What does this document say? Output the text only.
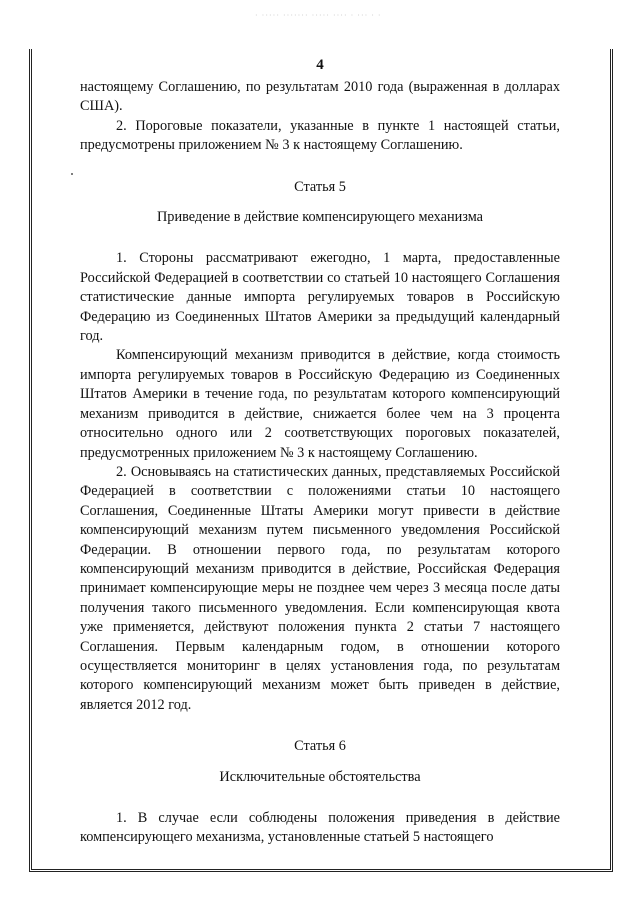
· ····· ······· ····· ···· · ··· · ·
4

настоящему Соглашению, по результатам 2010 года (выраженная в долларах США).

2. Пороговые показатели, указанные в пункте 1 настоящей статьи, предусмотрены приложением № 3 к настоящему Соглашению.

Статья 5

Приведение в действие компенсирующего механизма

1. Стороны рассматривают ежегодно, 1 марта, предоставленные Российской Федерацией в соответствии со статьей 10 настоящего Соглашения статистические данные импорта регулируемых товаров в Российскую Федерацию из Соединенных Штатов Америки за предыдущий календарный год.

Компенсирующий механизм приводится в действие, когда стоимость импорта регулируемых товаров в Российскую Федерацию из Соединенных Штатов Америки в течение года, по результатам которого компенсирующий механизм приводится в действие, снижается более чем на 3 процента относительно одного или 2 соответствующих пороговых показателей, предусмотренных приложением № 3 к настоящему Соглашению.

2. Основываясь на статистических данных, представляемых Российской Федерацией в соответствии с положениями статьи 10 настоящего Соглашения, Соединенные Штаты Америки могут привести в действие компенсирующий механизм путем письменного уведомления Российской Федерации. В отношении первого года, по результатам которого компенсирующий механизм приводится в действие, Российская Федерация принимает компенсирующие меры не позднее чем через 3 месяца после даты получения такого письменного уведомления. Если компенсирующая квота уже применяется, действуют положения пункта 2 статьи 7 настоящего Соглашения. Первым календарным годом, в отношении которого осуществляется мониторинг в целях установления года, по результатам которого компенсирующий механизм может быть приведен в действие, является 2012 год.

Статья 6

Исключительные обстоятельства

1. В случае если соблюдены положения приведения в действие компенсирующего механизма, установленные статьей 5 настоящего
